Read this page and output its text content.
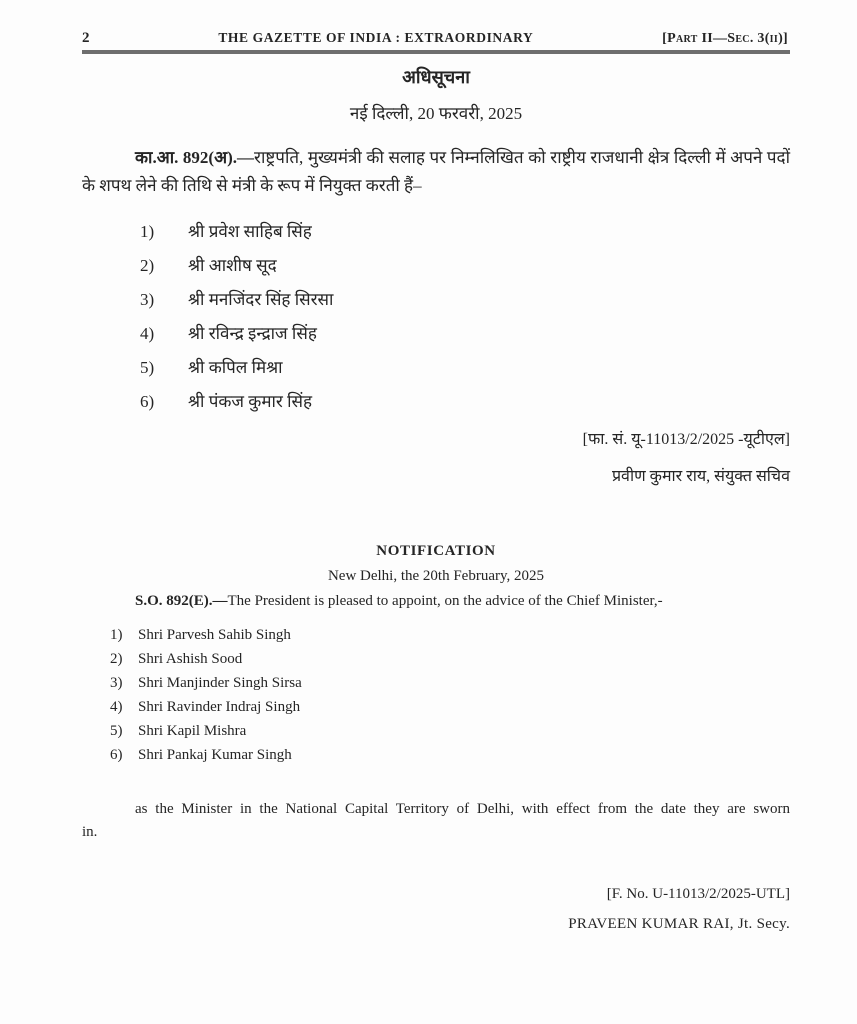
2	THE GAZETTE OF INDIA : EXTRAORDINARY	[Part II—Sec. 3(ii)]
अधिसूचना
नई दिल्ली, 20 फरवरी, 2025

का.आ. 892(अ).—राष्ट्रपति, मुख्यमंत्री की सलाह पर निम्नलिखित को राष्ट्रीय राजधानी क्षेत्र दिल्ली में अपने पदों के शपथ लेने की तिथि से मंत्री के रूप में नियुक्त करती हैं–

1)	श्री प्रवेश साहिब सिंह
2)	श्री आशीष सूद
3)	श्री मनजिंदर सिंह सिरसा
4)	श्री रविन्द्र इन्द्राज सिंह
5)	श्री कपिल मिश्रा
6)	श्री पंकज कुमार सिंह
[फा. सं. यू-11013/2/2025 -यूटीएल]
प्रवीण कुमार राय, संयुक्त सचिव
NOTIFICATION
New Delhi, the 20th February, 2025

S.O. 892(E).—The President is pleased to appoint, on the advice of the Chief Minister,-

1)	Shri Parvesh Sahib Singh
2)	Shri Ashish Sood
3)	Shri Manjinder Singh Sirsa
4)	Shri Ravinder Indraj Singh
5)	Shri Kapil Mishra
6)	Shri Pankaj Kumar Singh

as the Minister in the National Capital Territory of Delhi, with effect from the date they are sworn in.

[F. No. U-11013/2/2025-UTL]
PRAVEEN KUMAR RAI, Jt. Secy.
